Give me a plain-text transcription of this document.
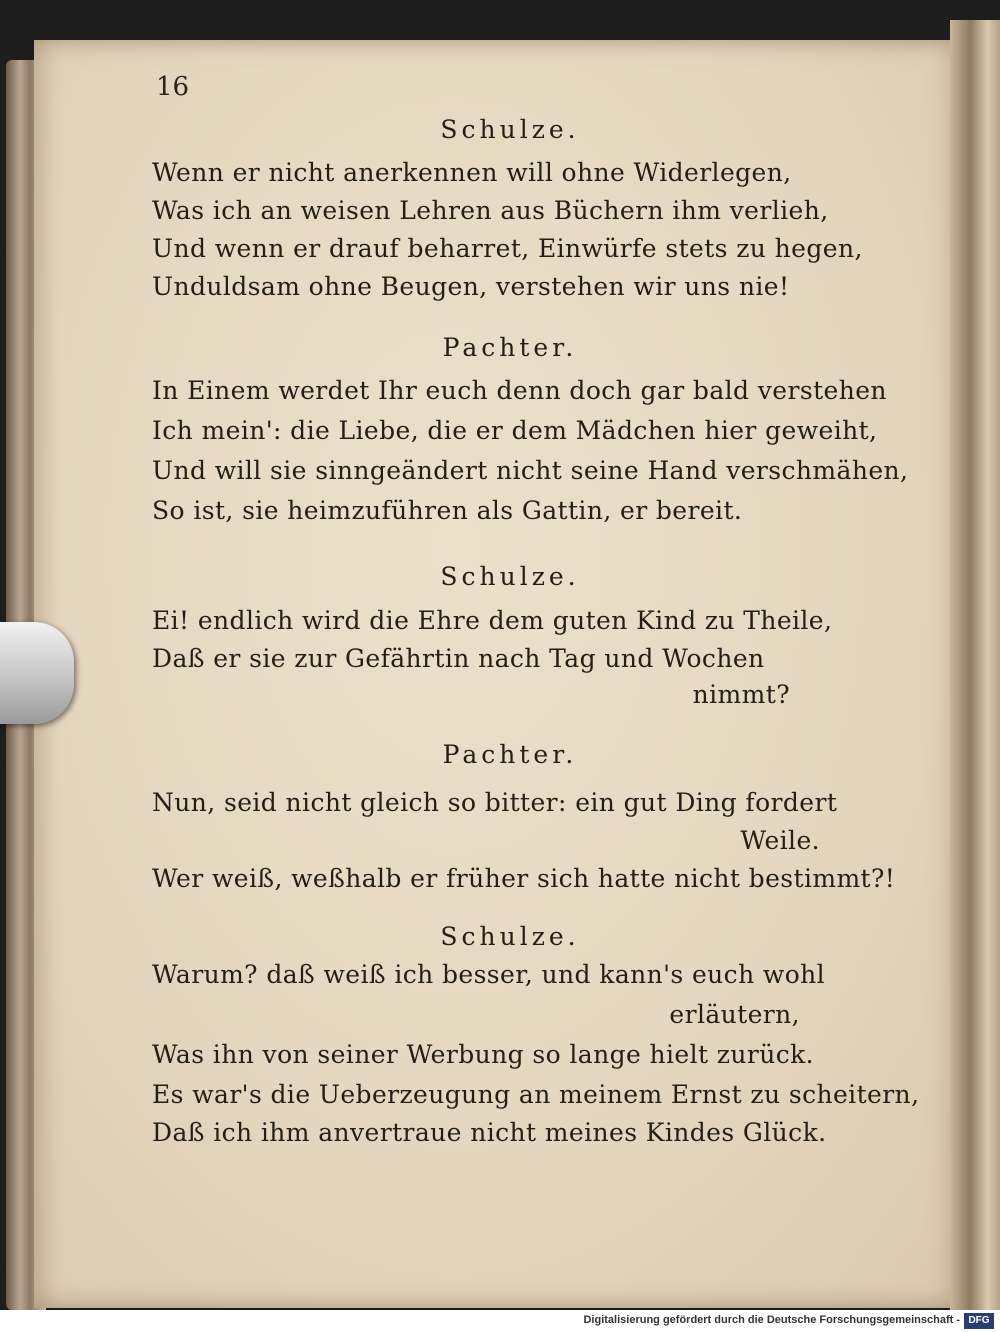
16
Schulze.
Wenn er nicht anerkennen will ohne Widerlegen,
Was ich an weisen Lehren aus Büchern ihm verlieh,
Und wenn er drauf beharret, Einwürfe stets zu hegen,
Unduldsam ohne Beugen, verstehen wir uns nie!
Pachter.
In Einem werdet Ihr euch denn doch gar bald verstehen
Ich mein': die Liebe, die er dem Mädchen hier geweiht,
Und will sie sinngeändert nicht seine Hand verschmähen,
So ist, sie heimzuführen als Gattin, er bereit.
Schulze.
Ei! endlich wird die Ehre dem guten Kind zu Theile,
Daß er sie zur Gefährtin nach Tag und Wochen
nimmt?
Pachter.
Nun, seid nicht gleich so bitter: ein gut Ding fordert
Weile.
Wer weiß, weßhalb er früher sich hatte nicht bestimmt?!
Schulze.
Warum? daß weiß ich besser, und kann's euch wohl
erläutern,
Was ihn von seiner Werbung so lange hielt zurück.
Es war's die Ueberzeugung an meinem Ernst zu scheitern,
Daß ich ihm anvertraue nicht meines Kindes Glück.
Digitalisierung gefördert durch die Deutsche Forschungsgemeinschaft - DFG
